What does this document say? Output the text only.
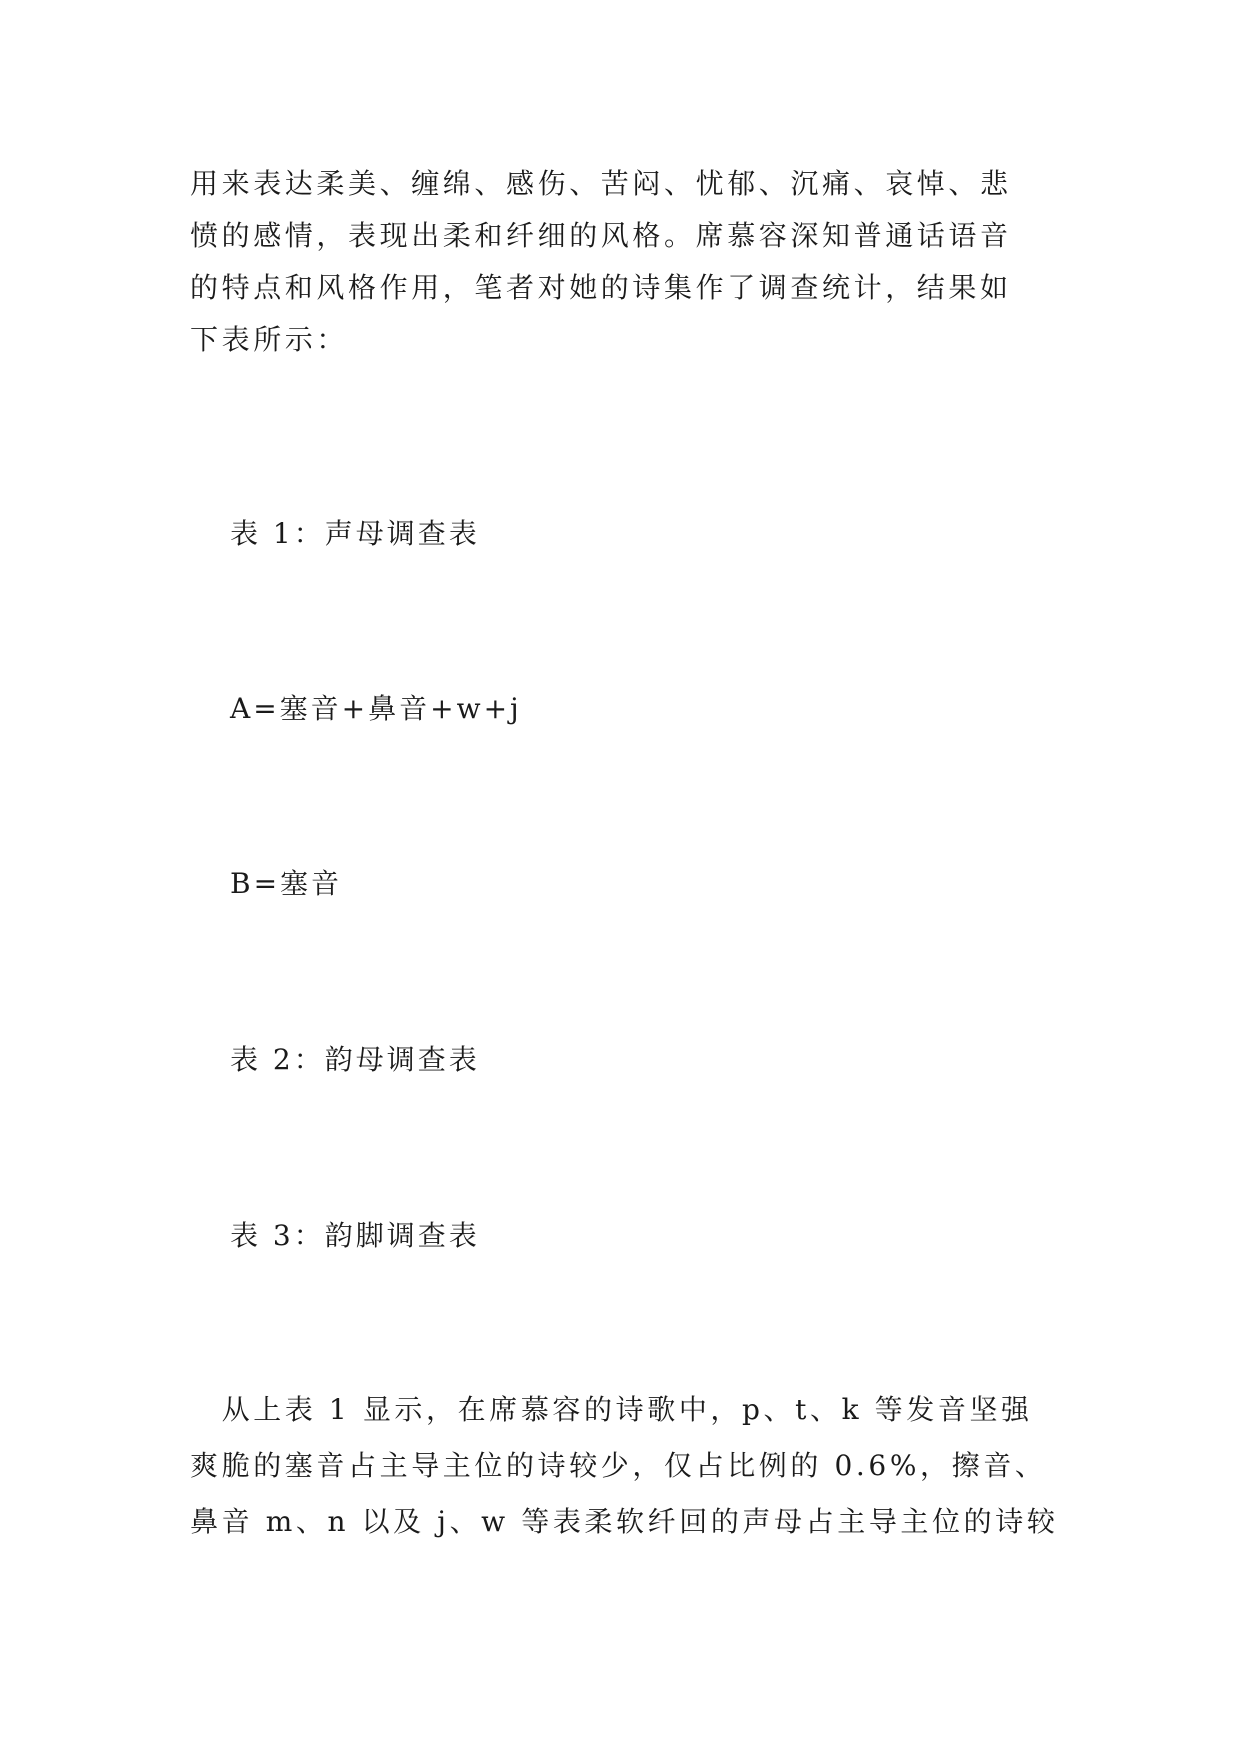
用来表达柔美、缠绵、感伤、苦闷、忧郁、沉痛、哀悼、悲
愤的感情，表现出柔和纤细的风格。席慕容深知普通话语音
的特点和风格作用，笔者对她的诗集作了调查统计，结果如
下表所示：

表 1：声母调查表

A=塞音+鼻音+w+j

B=塞音

表 2：韵母调查表

表 3：韵脚调查表

　从上表 1 显示，在席慕容的诗歌中，p、t、k 等发音坚强
爽脆的塞音占主导主位的诗较少，仅占比例的 0.6%，擦音、
鼻音 m、n 以及 j、w 等表柔软纤回的声母占主导主位的诗较
